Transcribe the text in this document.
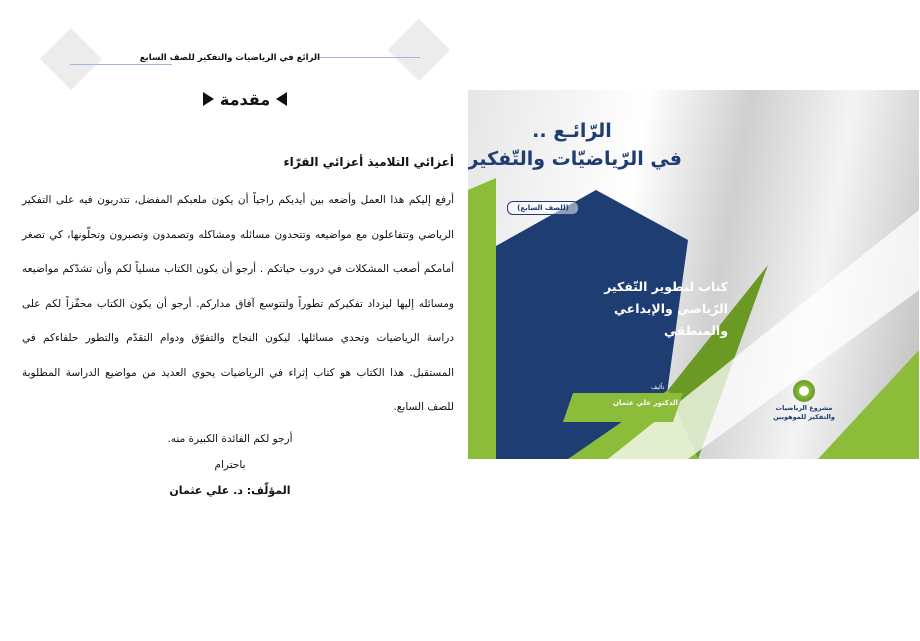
الرائع في الرياضيات والتفكير للصف السابع
مقدمة
أعزائي التلاميذ أعزائي القرّاء

أرفع إليكم هذا العمل وأضعه بين أيديكم راجياً أن يكون ملعبكم المفضل، تتدربون فيه على التفكير الرياضي وتتفاعلون مع مواضيعه وتتحدون مسائله ومشاكله وتصمدون وتصبرون وتحلّونها، كي تصغر أمامكم أصعب المشكلات في دروب حياتكم . أرجو أن يكون الكتاب مسلياً لكم وأن تشدّكم مواضيعه ومسائله إليها ليزداد تفكيركم تطوراً ولتتوسع آفاق مداركم. أرجو أن يكون الكتاب محفّزاً لكم على دراسة الرياضيات وتحدي مسائلها. ليكون النجاح والتفوّق ودوام التقدّم والتطور حلفاءكم في المستقبل. هذا الكتاب هو كتاب إثراء في الرياضيات يحوي العديد من مواضيع الدراسة المطلوبة للصف السابع.

أرجو لكم الفائدة الكبيرة منه.
باحترام
المؤلّف: د. علي عثمان
الرّائـع ..
في الرّياضيّات والتّفكير
(للصف السابع)
كتاب لتطوير التّفكير
الرّياضي والإبداعي
والمنطقي
تأليف
الدكتور علي عثمان
مشروع الرياضيات
والتفكير للموهوبين
